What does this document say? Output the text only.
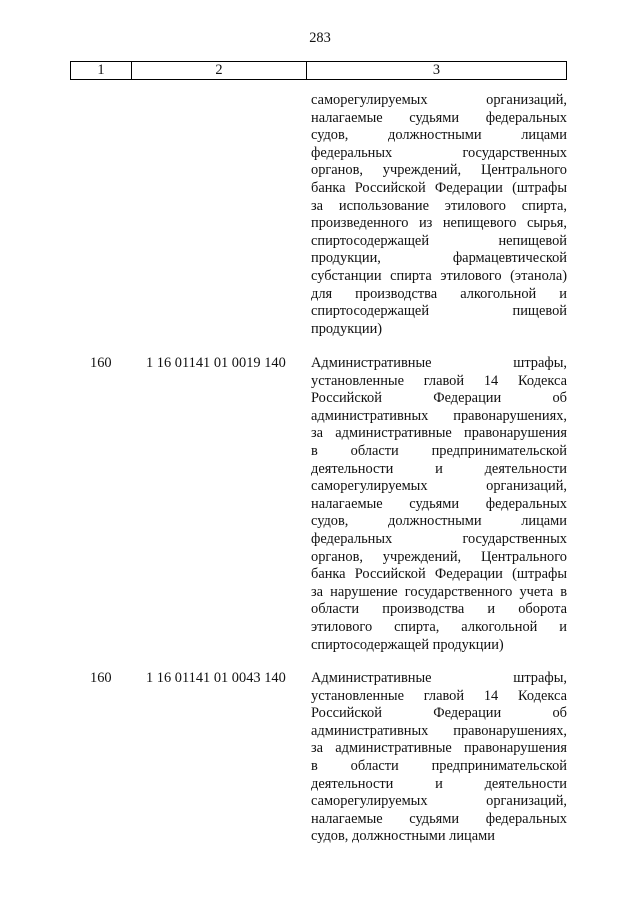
283
1	2	3
саморегулируемых организаций,
налагаемые судьями федеральных
судов, должностными лицами
федеральных государственных
органов, учреждений, Центрального
банка Российской Федерации (штрафы
за использование этилового спирта,
произведенного из непищевого сырья,
спиртосодержащей непищевой
продукции, фармацевтической
субстанции спирта этилового (этанола)
для производства алкогольной и
спиртосодержащей пищевой
продукции)
160 1 16 01141 01 0019 140 Административные штрафы,
установленные главой 14 Кодекса
Российской Федерации об
административных правонарушениях,
за административные правонарушения
в области предпринимательской
деятельности и деятельности
саморегулируемых организаций,
налагаемые судьями федеральных
судов, должностными лицами
федеральных государственных
органов, учреждений, Центрального
банка Российской Федерации (штрафы
за нарушение государственного учета в
области производства и оборота
этилового спирта, алкогольной и
спиртосодержащей продукции)
160 1 16 01141 01 0043 140 Административные штрафы,
установленные главой 14 Кодекса
Российской Федерации об
административных правонарушениях,
за административные правонарушения
в области предпринимательской
деятельности и деятельности
саморегулируемых организаций,
налагаемые судьями федеральных
судов, должностными лицами
